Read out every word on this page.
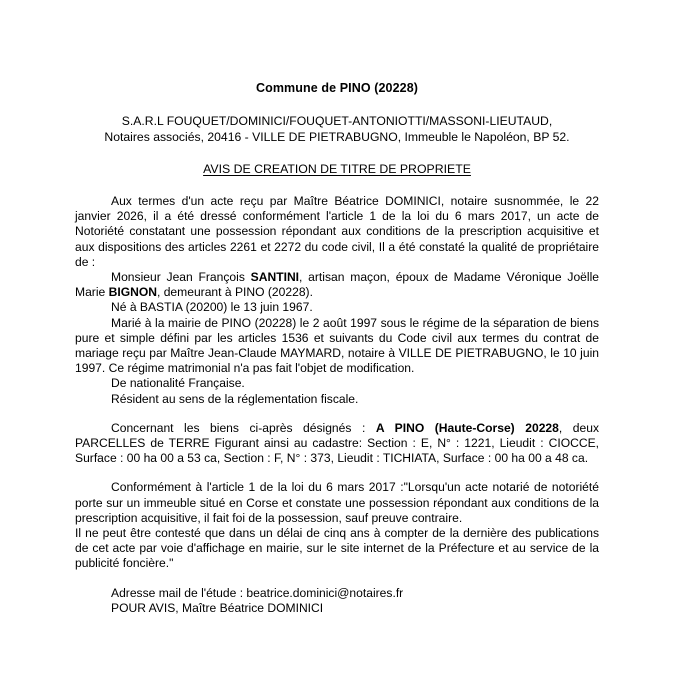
Commune de PINO (20228)
S.A.R.L FOUQUET/DOMINICI/FOUQUET-ANTONIOTTI/MASSONI-LIEUTAUD,
Notaires associés, 20416 - VILLE DE PIETRABUGNO, Immeuble le Napoléon, BP 52.
AVIS DE CREATION DE TITRE DE PROPRIETE

Aux termes d'un acte reçu par Maître Béatrice DOMINICI, notaire susnommée, le 22 janvier 2026, il a été dressé conformément l'article 1 de la loi du 6 mars 2017, un acte de Notoriété constatant une possession répondant aux conditions de la prescription acquisitive et aux dispositions des articles 2261 et 2272 du code civil, Il a été constaté la qualité de propriétaire de :

Monsieur Jean François SANTINI, artisan maçon, époux de Madame Véronique Joëlle Marie BIGNON, demeurant à PINO (20228).

Né à BASTIA (20200) le 13 juin 1967.

Marié à la mairie de PINO (20228) le 2 août 1997 sous le régime de la séparation de biens pure et simple défini par les articles 1536 et suivants du Code civil aux termes du contrat de mariage reçu par Maître Jean-Claude MAYMARD, notaire à VILLE DE PIETRABUGNO, le 10 juin 1997. Ce régime matrimonial n'a pas fait l'objet de modification.

De nationalité Française.
Résident au sens de la réglementation fiscale.

Concernant les biens ci-après désignés : A PINO (Haute-Corse) 20228, deux PARCELLES de TERRE Figurant ainsi au cadastre: Section : E, N° : 1221, Lieudit : CIOCCE, Surface : 00 ha 00 a 53 ca, Section : F, N° : 373, Lieudit : TICHIATA, Surface : 00 ha 00 a 48 ca.

Conformément à l'article 1 de la loi du 6 mars 2017 :"Lorsqu'un acte notarié de notoriété porte sur un immeuble situé en Corse et constate une possession répondant aux conditions de la prescription acquisitive, il fait foi de la possession, sauf preuve contraire.

Il ne peut être contesté que dans un délai de cinq ans à compter de la dernière des publications de cet acte par voie d'affichage en mairie, sur le site internet de la Préfecture et au service de la publicité foncière."

Adresse mail de l'étude : beatrice.dominici@notaires.fr
POUR AVIS, Maître Béatrice DOMINICI
